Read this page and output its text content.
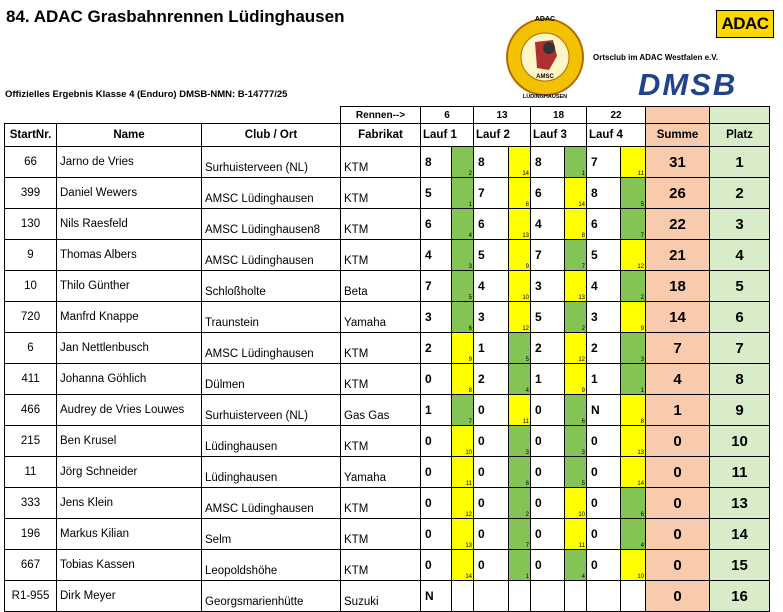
84. ADAC Grasbahnrennen Lüdinghausen
Offizielles Ergebnis Klasse 4 (Enduro) DMSB-NMN: B-14777/25
ADAC
AMSC
LÜDINGHAUSEN
ADAC
Ortsclub im ADAC Westfalen e.V.
DMSB
			Rennen-->	6		13		18		22			
StartNr.	Name	Club / Ort	Fabrikat	Lauf 1		Lauf 2		Lauf 3		Lauf 4		Summe	Platz
66	Jarno de Vries	Surhuisterveen (NL)	KTM	8	2	8	14	8	1	7	11	31	1
399	Daniel Wewers	AMSC Lüdinghausen	KTM	5	1	7	8	6	14	8	5	26	2
130	Nils Raesfeld	AMSC Lüdinghausen8	KTM	6	4	6	13	4	8	6	7	22	3
9	Thomas Albers	AMSC Lüdinghausen	KTM	4	3	5	9	7	7	5	12	21	4
10	Thilo Günther	Schloßholte	Beta	7	5	4	10	3	13	4	2	18	5
720	Manfrd Knappe	Traunstein	Yamaha	3	6	3	12	5	2	3	9	14	6
6	Jan Nettlenbusch	AMSC Lüdinghausen	KTM	2	9	1	5	2	12	2	3	7	7
411	Johanna Göhlich	Dülmen	KTM	0	8	2	4	1	9	1	1	4	8
466	Audrey de Vries Louwes	Surhuisterveen (NL)	Gas Gas	1	7	0	11	0	6	N	8	1	9
215	Ben Krusel	Lüdinghausen	KTM	0	10	0	3	0	3	0	13	0	10
11	Jörg Schneider	Lüdinghausen	Yamaha	0	11	0	6	0	5	0	14	0	11
333	Jens Klein	AMSC Lüdinghausen	KTM	0	12	0	2	0	10	0	6	0	13
196	Markus Kilian	Selm	KTM	0	13	0	7	0	11	0	4	0	14
667	Tobias Kassen	Leopoldshöhe	KTM	0	14	0	1	0	4	0	10	0	15
R1-955	Dirk Meyer	Georgsmarienhütte	Suzuki	N								0	16
